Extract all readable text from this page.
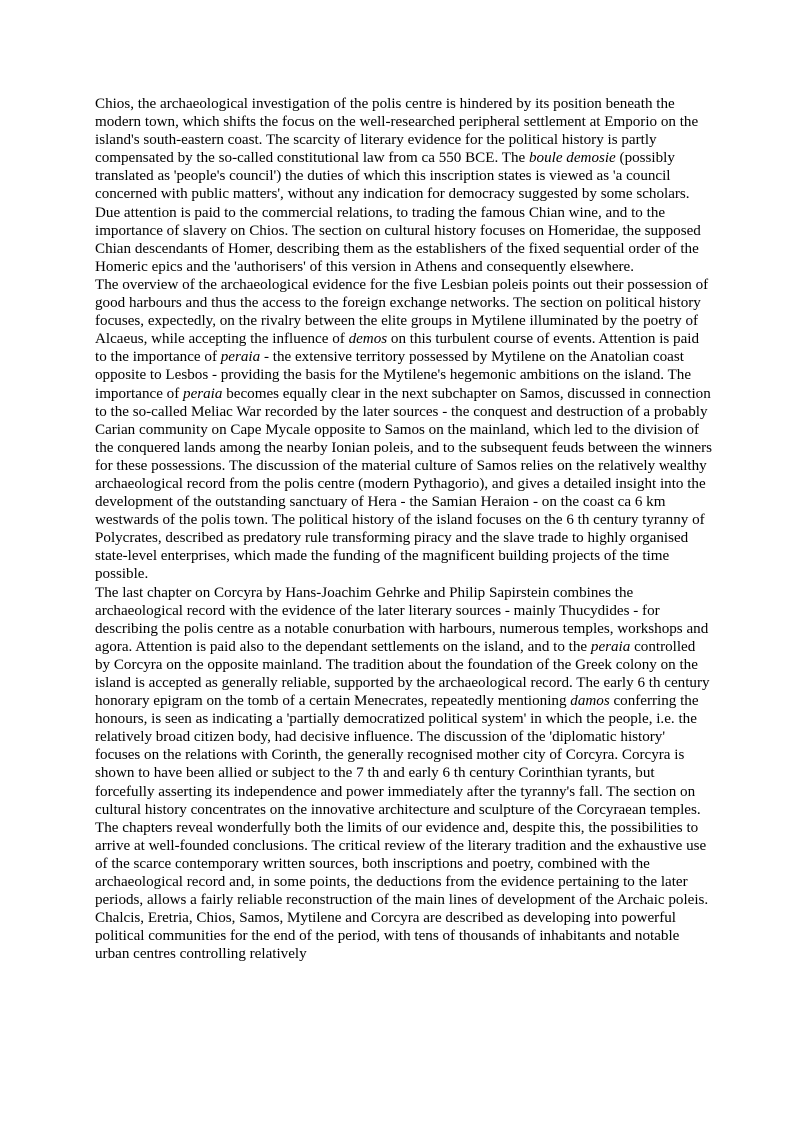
Chios, the archaeological investigation of the polis centre is hindered by its position beneath the modern town, which shifts the focus on the well-researched peripheral settlement at Emporio on the island's south-eastern coast. The scarcity of literary evidence for the political history is partly compensated by the so-called constitutional law from ca 550 BCE. The boule demosie (possibly translated as 'people's council') the duties of which this inscription states is viewed as 'a council concerned with public matters', without any indication for democracy suggested by some scholars. Due attention is paid to the commercial relations, to trading the famous Chian wine, and to the importance of slavery on Chios. The section on cultural history focuses on Homeridae, the supposed Chian descendants of Homer, describing them as the establishers of the fixed sequential order of the Homeric epics and the 'authorisers' of this version in Athens and consequently elsewhere.

The overview of the archaeological evidence for the five Lesbian poleis points out their possession of good harbours and thus the access to the foreign exchange networks. The section on political history focuses, expectedly, on the rivalry between the elite groups in Mytilene illuminated by the poetry of Alcaeus, while accepting the influence of demos on this turbulent course of events. Attention is paid to the importance of peraia - the extensive territory possessed by Mytilene on the Anatolian coast opposite to Lesbos - providing the basis for the Mytilene's hegemonic ambitions on the island. The importance of peraia becomes equally clear in the next subchapter on Samos, discussed in connection to the so-called Meliac War recorded by the later sources - the conquest and destruction of a probably Carian community on Cape Mycale opposite to Samos on the mainland, which led to the division of the conquered lands among the nearby Ionian poleis, and to the subsequent feuds between the winners for these possessions. The discussion of the material culture of Samos relies on the relatively wealthy archaeological record from the polis centre (modern Pythagorio), and gives a detailed insight into the development of the outstanding sanctuary of Hera - the Samian Heraion - on the coast ca 6 km westwards of the polis town. The political history of the island focuses on the 6 th century tyranny of Polycrates, described as predatory rule transforming piracy and the slave trade to highly organised state-level enterprises, which made the funding of the magnificent building projects of the time possible.

The last chapter on Corcyra by Hans-Joachim Gehrke and Philip Sapirstein combines the archaeological record with the evidence of the later literary sources - mainly Thucydides - for describing the polis centre as a notable conurbation with harbours, numerous temples, workshops and agora. Attention is paid also to the dependant settlements on the island, and to the peraia controlled by Corcyra on the opposite mainland. The tradition about the foundation of the Greek colony on the island is accepted as generally reliable, supported by the archaeological record. The early 6 th century honorary epigram on the tomb of a certain Menecrates, repeatedly mentioning damos conferring the honours, is seen as indicating a 'partially democratized political system' in which the people, i.e. the relatively broad citizen body, had decisive influence. The discussion of the 'diplomatic history' focuses on the relations with Corinth, the generally recognised mother city of Corcyra. Corcyra is shown to have been allied or subject to the 7 th and early 6 th century Corinthian tyrants, but forcefully asserting its independence and power immediately after the tyranny's fall. The section on cultural history concentrates on the innovative architecture and sculpture of the Corcyraean temples.

The chapters reveal wonderfully both the limits of our evidence and, despite this, the possibilities to arrive at well-founded conclusions. The critical review of the literary tradition and the exhaustive use of the scarce contemporary written sources, both inscriptions and poetry, combined with the archaeological record and, in some points, the deductions from the evidence pertaining to the later periods, allows a fairly reliable reconstruction of the main lines of development of the Archaic poleis. Chalcis, Eretria, Chios, Samos, Mytilene and Corcyra are described as developing into powerful political communities for the end of the period, with tens of thousands of inhabitants and notable urban centres controlling relatively
